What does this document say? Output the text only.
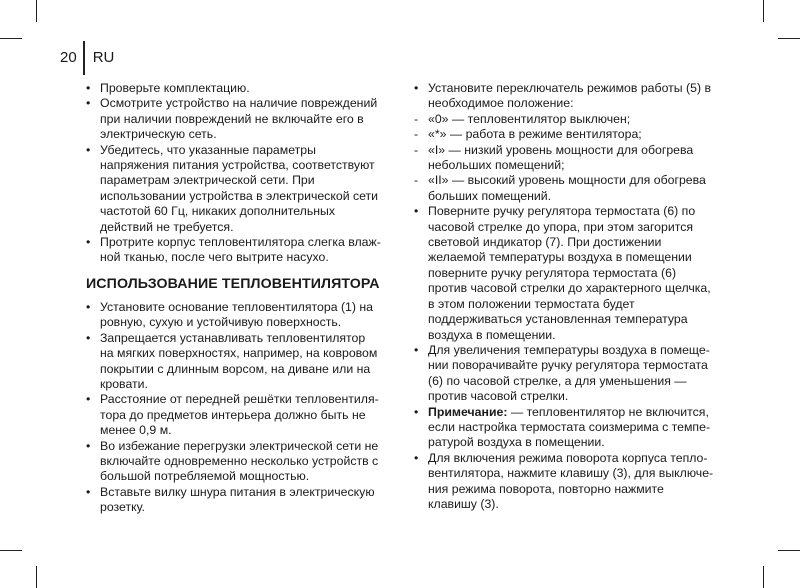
20 RU
• Проверьте комплектацию.
• Осмотрите устройство на наличие повреждений при наличии повреждений не включайте его в электрическую сеть.
• Убедитесь, что указанные параметры напряжения питания устройства, соответствуют параметрам электрической сети. При использовании устройства в электрической сети частотой 60 Гц, никаких дополнительных действий не требуется.
• Протрите корпус тепловентилятора слегка влажной тканью, после чего вытрите насухо.
ИСПОЛЬЗОВАНИЕ ТЕПЛОВЕНТИЛЯТОРА
• Установите основание тепловентилятора (1) на ровную, сухую и устойчивую поверхность.
• Запрещается устанавливать тепловентилятор на мягких поверхностях, например, на ковровом покрытии с длинным ворсом, на диване или на кровати.
• Расстояние от передней решётки тепловентилятора до предметов интерьера должно быть не менее 0,9 м.
• Во избежание перегрузки электрической сети не включайте одновременно несколько устройств с большой потребляемой мощностью.
• Вставьте вилку шнура питания в электрическую розетку.
• Установите переключатель режимов работы (5) в необходимое положение:
- «0» — тепловентилятор выключен;
- «*» — работа в режиме вентилятора;
- «I» — низкий уровень мощности для обогрева небольших помещений;
- «II» — высокий уровень мощности для обогрева больших помещений.
• Поверните ручку регулятора термостата (6) по часовой стрелке до упора, при этом загорится световой индикатор (7). При достижении желаемой температуры воздуха в помещении поверните ручку регулятора термостата (6) против часовой стрелки до характерного щелчка, в этом положении термостата будет поддерживаться установленная температура воздуха в помещении.
• Для увеличения температуры воздуха в помещении поворачивайте ручку регулятора термостата (6) по часовой стрелке, а для уменьшения — против часовой стрелки.
• Примечание: — тепловентилятор не включится, если настройка термостата соизмерима с температурой воздуха в помещении.
• Для включения режима поворота корпуса тепловентилятора, нажмите клавишу (3), для выключения режима поворота, повторно нажмите клавишу (3).
